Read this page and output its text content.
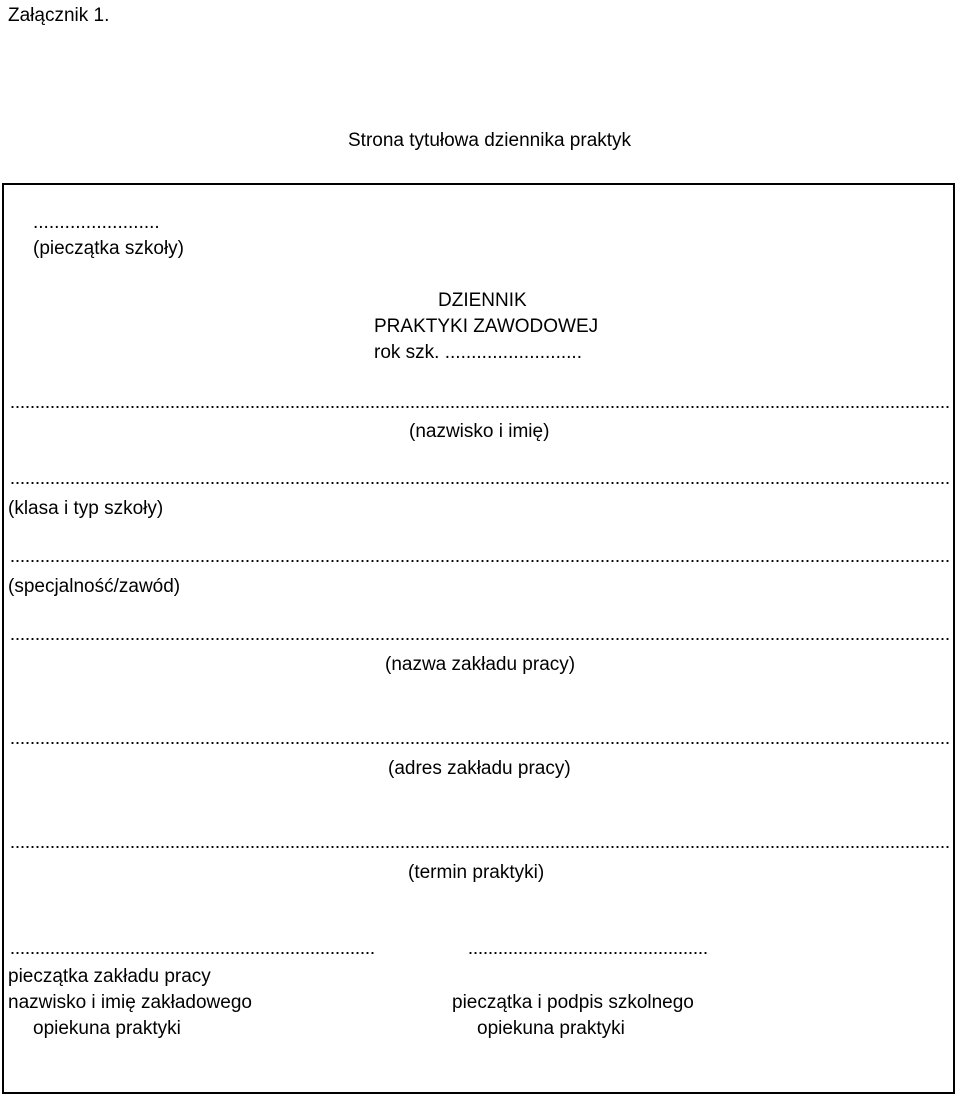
Załącznik 1.
Strona tytułowa dziennika praktyk
........................
(pieczątka szkoły)
DZIENNIK
PRAKTYKI ZAWODOWEJ
rok szk. ..........................
(nazwisko i imię)
(klasa i typ szkoły)
(specjalność/zawód)
(nazwa zakładu pracy)
(adres zakładu pracy)
(termin praktyki)
pieczątka zakładu pracy
nazwisko i imię zakładowego
opiekuna praktyki
pieczątka i podpis szkolnego
opiekuna praktyki
